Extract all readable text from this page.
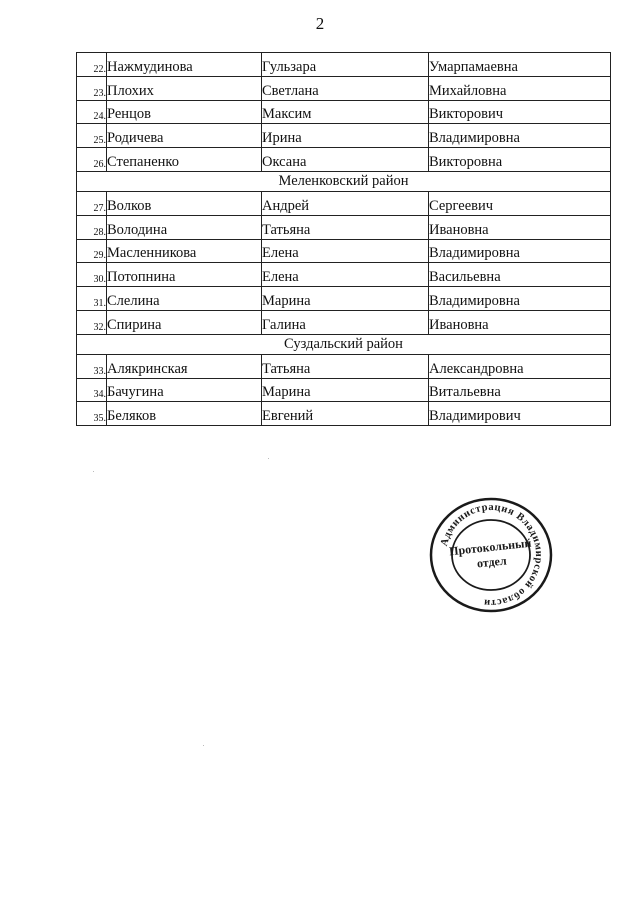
2
22.	Нажмудинова	Гульзара	Умарпамаевна
23.	Плохих	Светлана	Михайловна
24.	Ренцов	Максим	Викторович
25.	Родичева	Ирина	Владимировна
26.	Степаненко	Оксана	Викторовна
Меленковский район			
27.	Волков	Андрей	Сергеевич
28.	Володина	Татьяна	Ивановна
29.	Масленникова	Елена	Владимировна
30.	Потопнина	Елена	Васильевна
31.	Слелина	Марина	Владимировна
32.	Спирина	Галина	Ивановна
Суздальский район			
33.	Алякринская	Татьяна	Александровна
34.	Бачугина	Марина	Витальевна
35.	Беляков	Евгений	Владимирович
Администрация Владимирской области
Протокольный
отдел
